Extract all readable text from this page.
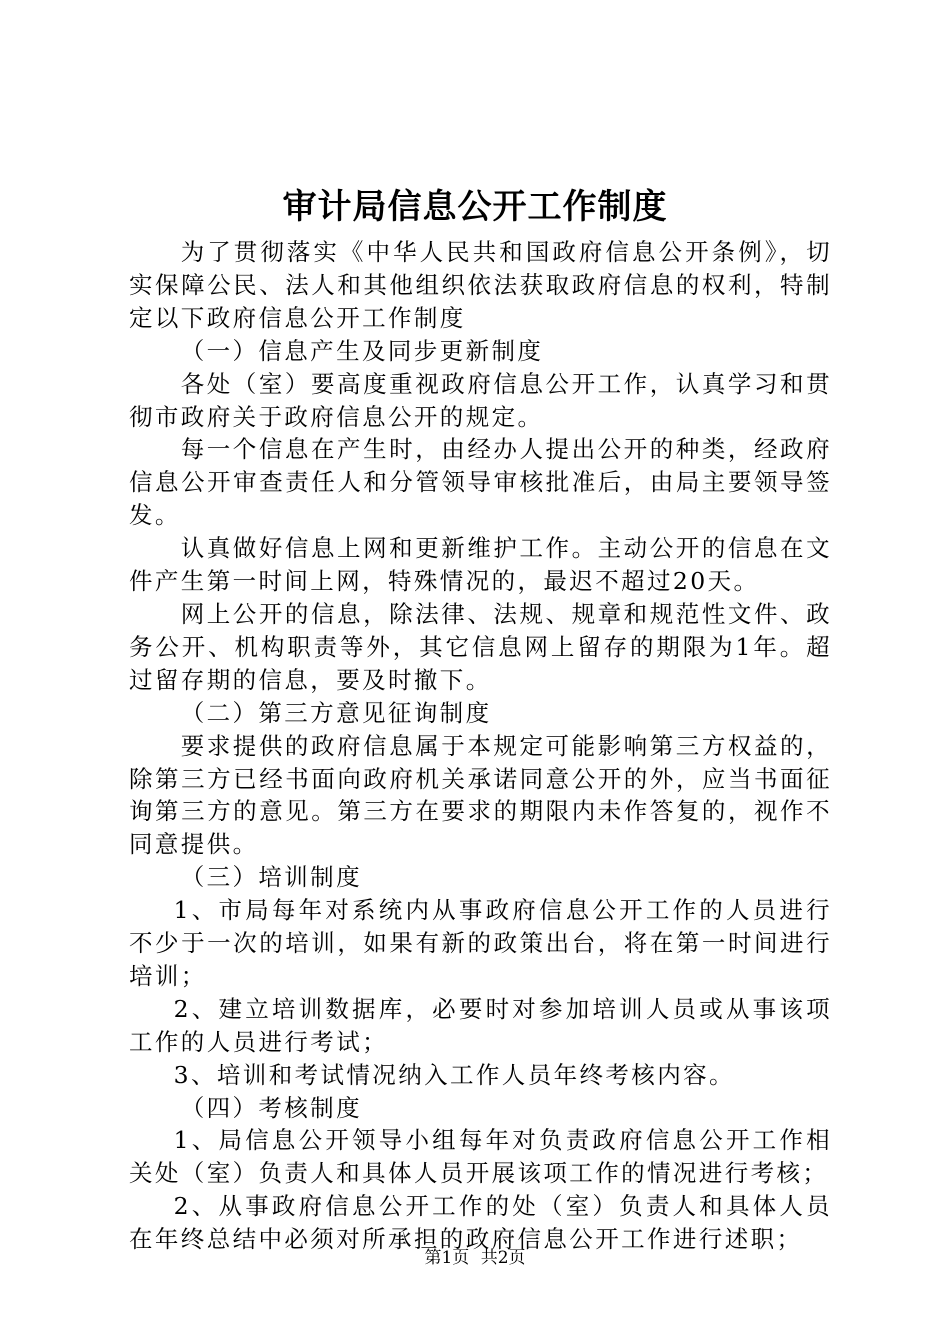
审计局信息公开工作制度

为了贯彻落实《中华人民共和国政府信息公开条例》，切实保障公民、法人和其他组织依法获取政府信息的权利，特制定以下政府信息公开工作制度

（一）信息产生及同步更新制度

各处（室）要高度重视政府信息公开工作，认真学习和贯彻市政府关于政府信息公开的规定。

每一个信息在产生时，由经办人提出公开的种类，经政府信息公开审查责任人和分管领导审核批准后，由局主要领导签发。

认真做好信息上网和更新维护工作。主动公开的信息在文件产生第一时间上网，特殊情况的，最迟不超过20天。

网上公开的信息，除法律、法规、规章和规范性文件、政务公开、机构职责等外，其它信息网上留存的期限为1年。超过留存期的信息，要及时撤下。

（二）第三方意见征询制度

要求提供的政府信息属于本规定可能影响第三方权益的，除第三方已经书面向政府机关承诺同意公开的外，应当书面征询第三方的意见。第三方在要求的期限内未作答复的，视作不同意提供。

（三）培训制度

1、市局每年对系统内从事政府信息公开工作的人员进行不少于一次的培训，如果有新的政策出台，将在第一时间进行培训；

2、建立培训数据库，必要时对参加培训人员或从事该项工作的人员进行考试；

3、培训和考试情况纳入工作人员年终考核内容。

（四）考核制度

1、局信息公开领导小组每年对负责政府信息公开工作相关处（室）负责人和具体人员开展该项工作的情况进行考核；

2、从事政府信息公开工作的处（室）负责人和具体人员在年终总结中必须对所承担的政府信息公开工作进行述职；

第1页 共2页
